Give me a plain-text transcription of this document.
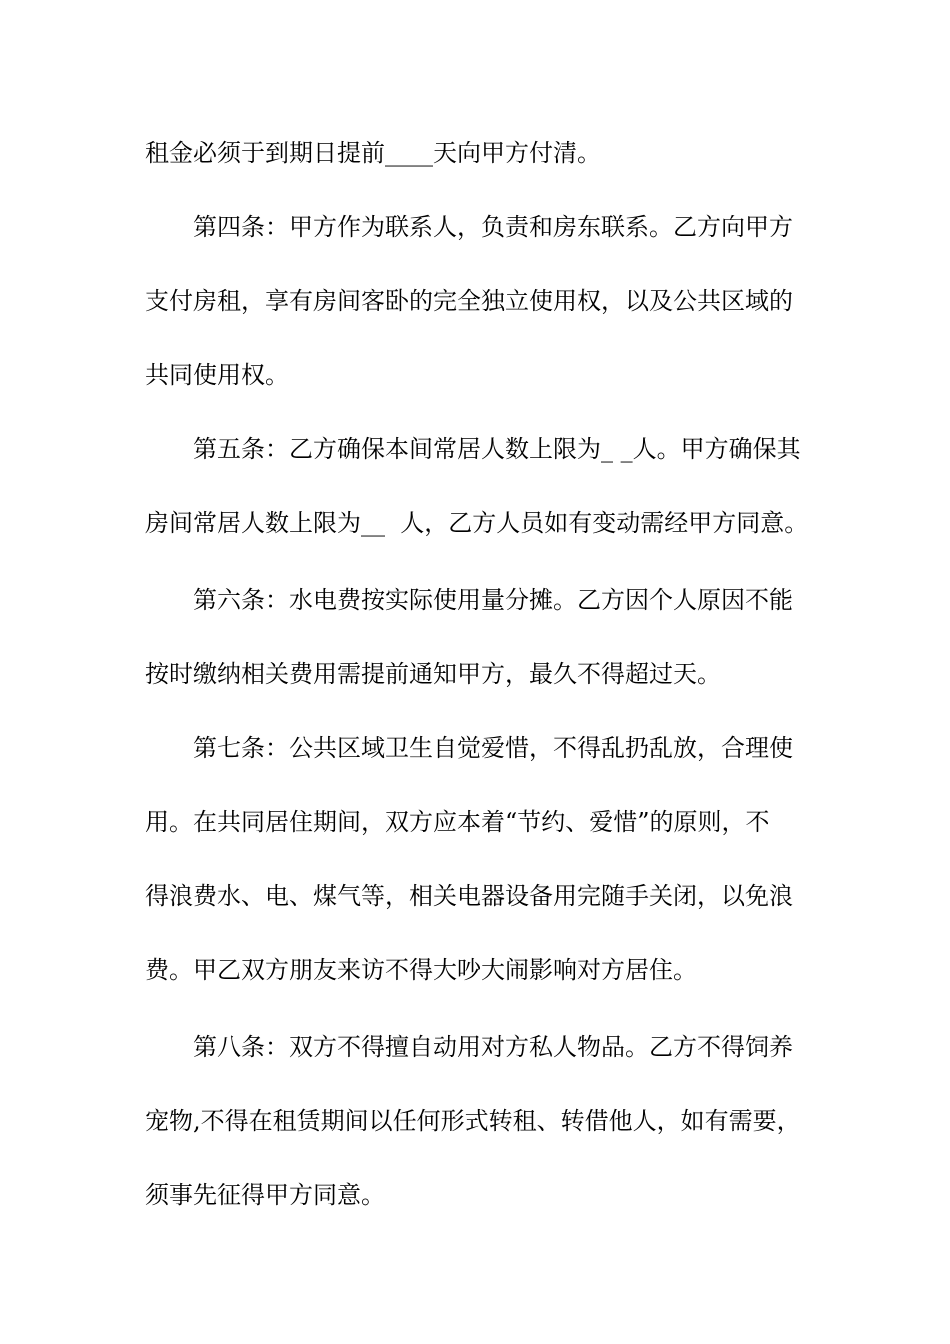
租金必须于到期日提前____天向甲方付清。
第四条：甲方作为联系人，负责和房东联系。乙方向甲方
支付房租，享有房间客卧的完全独立使用权，以及公共区域的
共同使用权。
第五条：乙方确保本间常居人数上限为_ _人。甲方确保其
房间常居人数上限为__  人，乙方人员如有变动需经甲方同意。
第六条：水电费按实际使用量分摊。乙方因个人原因不能
按时缴纳相关费用需提前通知甲方，最久不得超过天。
第七条：公共区域卫生自觉爱惜，不得乱扔乱放，合理使
用。在共同居住期间，双方应本着“节约、爱惜”的原则，不
得浪费水、电、煤气等，相关电器设备用完随手关闭，以免浪
费。甲乙双方朋友来访不得大吵大闹影响对方居住。
第八条：双方不得擅自动用对方私人物品。乙方不得饲养
宠物,不得在租赁期间以任何形式转租、转借他人，如有需要，
须事先征得甲方同意。
